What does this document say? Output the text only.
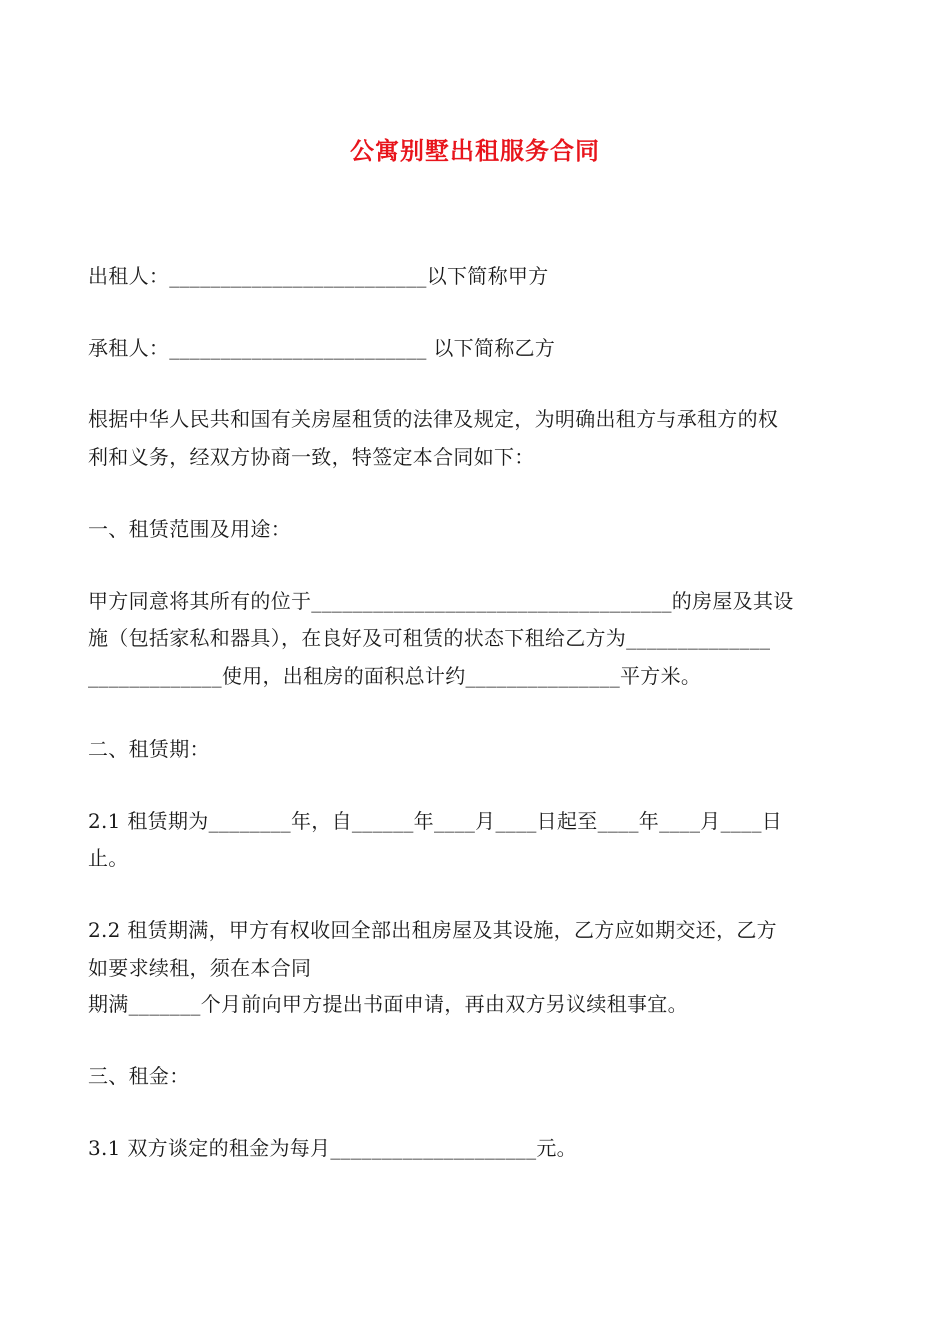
公寓别墅出租服务合同
出租人：_________________________以下简称甲方
承租人：_________________________ 以下简称乙方
根据中华人民共和国有关房屋租赁的法律及规定，为明确出租方与承租方的权
利和义务，经双方协商一致，特签定本合同如下：
一、租赁范围及用途：
甲方同意将其所有的位于___________________________________的房屋及其设
施（包括家私和器具），在良好及可租赁的状态下租给乙方为______________
_____________使用，出租房的面积总计约_______________平方米。
二、租赁期：
2.1 租赁期为________年，自______年____月____日起至____年____月____日
止。
2.2 租赁期满，甲方有权收回全部出租房屋及其设施，乙方应如期交还，乙方
如要求续租，须在本合同
期满_______个月前向甲方提出书面申请，再由双方另议续租事宜。
三、租金：
3.1 双方谈定的租金为每月____________________元。
